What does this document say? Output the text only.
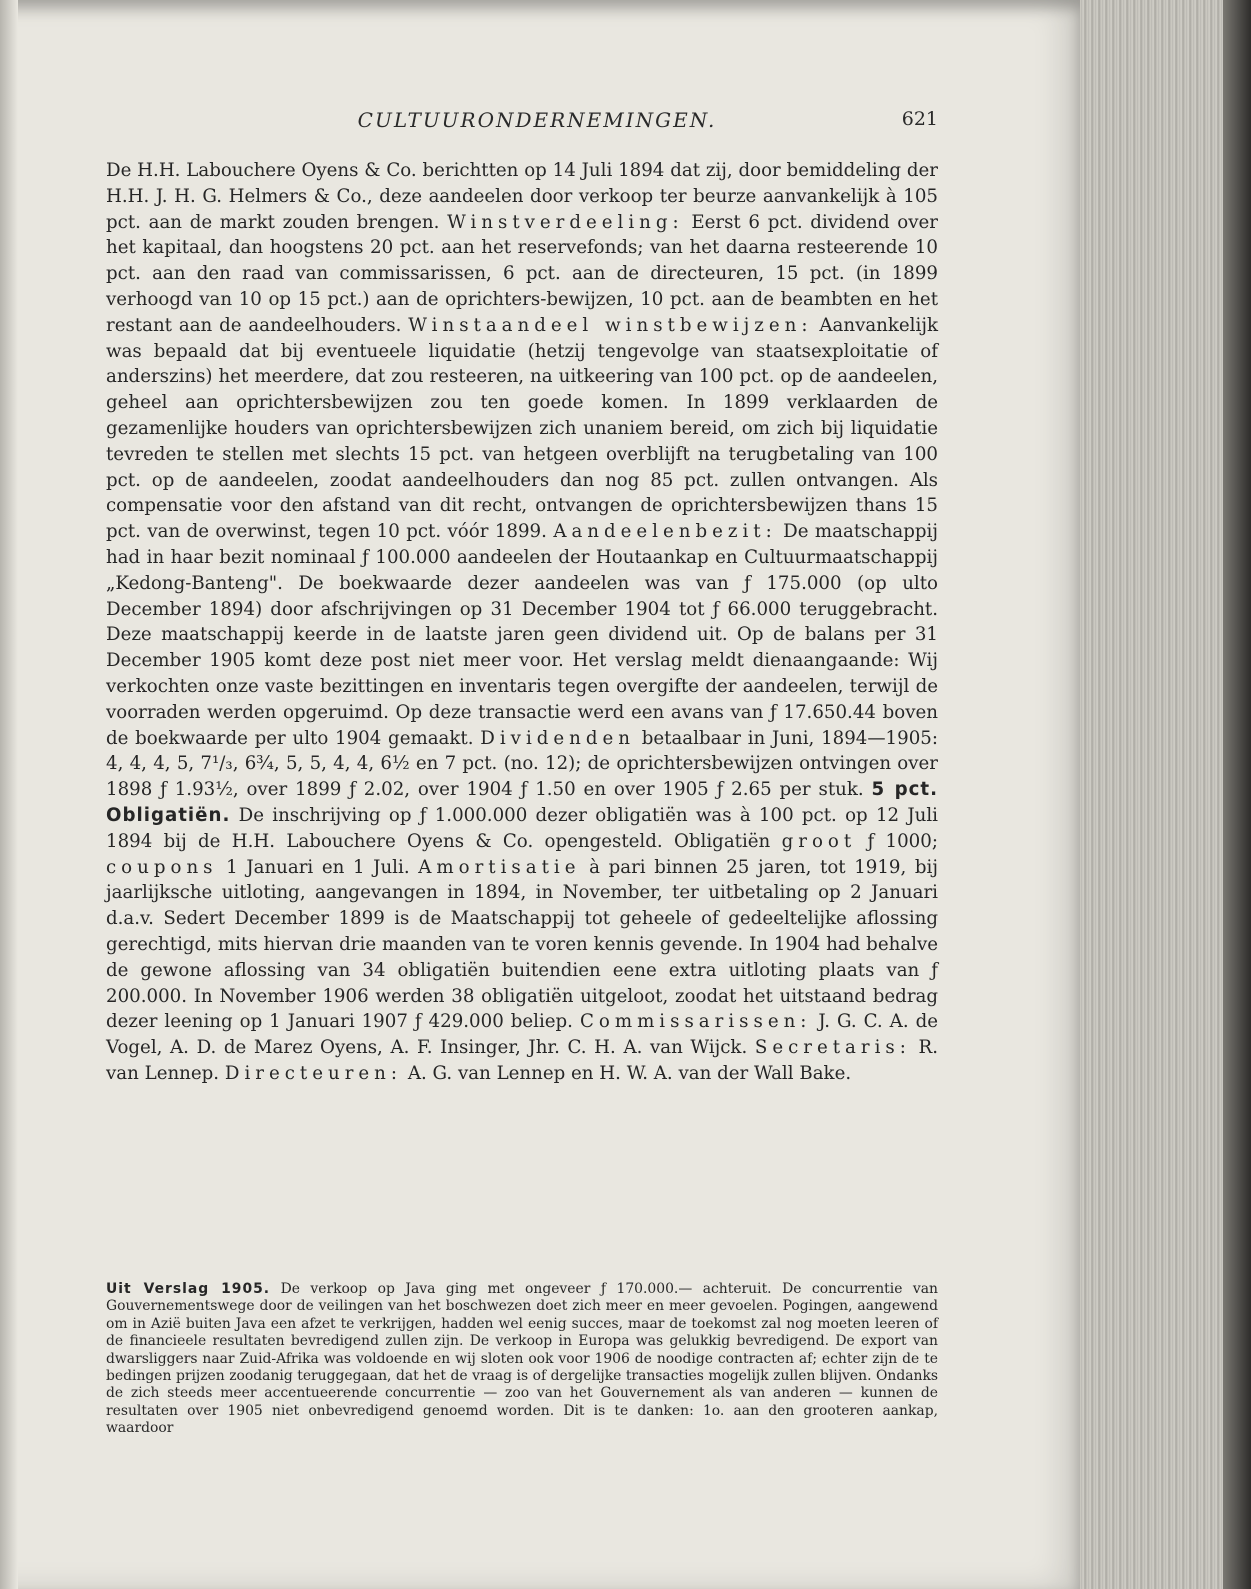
CULTUURONDERNEMINGEN.	621

De H.H. Labouchere Oyens & Co. berichtten op 14 Juli 1894 dat zij, door bemiddeling der H.H. J. H. G. Helmers & Co., deze aandeelen door verkoop ter beurze aanvankelijk à 105 pct. aan de markt zouden brengen. Winstverdeeling: Eerst 6 pct. dividend over het kapitaal, dan hoogstens 20 pct. aan het reservefonds; van het daarna resteerende 10 pct. aan den raad van commissarissen, 6 pct. aan de directeuren, 15 pct. (in 1899 verhoogd van 10 op 15 pct.) aan de oprichters-bewijzen, 10 pct. aan de beambten en het restant aan de aandeelhouders. Winstaandeel winstbewijzen: Aanvankelijk was bepaald dat bij eventueele liquidatie (hetzij tengevolge van staatsexploitatie of anderszins) het meerdere, dat zou resteeren, na uitkeering van 100 pct. op de aandeelen, geheel aan oprichtersbewijzen zou ten goede komen. In 1899 verklaarden de gezamenlijke houders van oprichtersbewijzen zich unaniem bereid, om zich bij liquidatie tevreden te stellen met slechts 15 pct. van hetgeen overblijft na terugbetaling van 100 pct. op de aandeelen, zoodat aandeelhouders dan nog 85 pct. zullen ontvangen. Als compensatie voor den afstand van dit recht, ontvangen de oprichtersbewijzen thans 15 pct. van de overwinst, tegen 10 pct. vóór 1899. Aandeelenbezit: De maatschappij had in haar bezit nominaal ƒ 100.000 aandeelen der Houtaankap en Cultuurmaatschappij „Kedong-Banteng". De boekwaarde dezer aandeelen was van ƒ 175.000 (op ulto December 1894) door afschrijvingen op 31 December 1904 tot ƒ 66.000 teruggebracht. Deze maatschappij keerde in de laatste jaren geen dividend uit. Op de balans per 31 December 1905 komt deze post niet meer voor. Het verslag meldt dienaangaande: Wij verkochten onze vaste bezittingen en inventaris tegen overgifte der aandeelen, terwijl de voorraden werden opgeruimd. Op deze transactie werd een avans van ƒ 17.650.44 boven de boekwaarde per ulto 1904 gemaakt. Dividenden betaalbaar in Juni, 1894—1905: 4, 4, 4, 5, 7¹/₃, 6¾, 5, 5, 4, 4, 6½ en 7 pct. (no. 12); de oprichtersbewijzen ontvingen over 1898 ƒ 1.93½, over 1899 ƒ 2.02, over 1904 ƒ 1.50 en over 1905 ƒ 2.65 per stuk. 5 pct. Obligatiën. De inschrijving op ƒ 1.000.000 dezer obligatiën was à 100 pct. op 12 Juli 1894 bij de H.H. Labouchere Oyens & Co. opengesteld. Obligatiën groot ƒ 1000; coupons 1 Januari en 1 Juli. Amortisatie à pari binnen 25 jaren, tot 1919, bij jaarlijksche uitloting, aangevangen in 1894, in November, ter uitbetaling op 2 Januari d.a.v. Sedert December 1899 is de Maatschappij tot geheele of gedeeltelijke aflossing gerechtigd, mits hiervan drie maanden van te voren kennis gevende. In 1904 had behalve de gewone aflossing van 34 obligatiën buitendien eene extra uitloting plaats van ƒ 200.000. In November 1906 werden 38 obligatiën uitgeloot, zoodat het uitstaand bedrag dezer leening op 1 Januari 1907 ƒ 429.000 beliep. Commissarissen: J. G. C. A. de Vogel, A. D. de Marez Oyens, A. F. Insinger, Jhr. C. H. A. van Wijck. Secretaris: R. van Lennep. Directeuren: A. G. van Lennep en H. W. A. van der Wall Bake.

Uit Verslag 1905. De verkoop op Java ging met ongeveer ƒ 170.000.— achteruit. De concurrentie van Gouvernementswege door de veilingen van het boschwezen doet zich meer en meer gevoelen. Pogingen, aangewend om in Azië buiten Java een afzet te verkrijgen, hadden wel eenig succes, maar de toekomst zal nog moeten leeren of de financieele resultaten bevredigend zullen zijn. De verkoop in Europa was gelukkig bevredigend. De export van dwarsliggers naar Zuid-Afrika was voldoende en wij sloten ook voor 1906 de noodige contracten af; echter zijn de te bedingen prijzen zoodanig teruggegaan, dat het de vraag is of dergelijke transacties mogelijk zullen blijven. Ondanks de zich steeds meer accentueerende concurrentie — zoo van het Gouvernement als van anderen — kunnen de resultaten over 1905 niet onbevredigend genoemd worden. Dit is te danken: 1o. aan den grooteren aankap, waardoor
